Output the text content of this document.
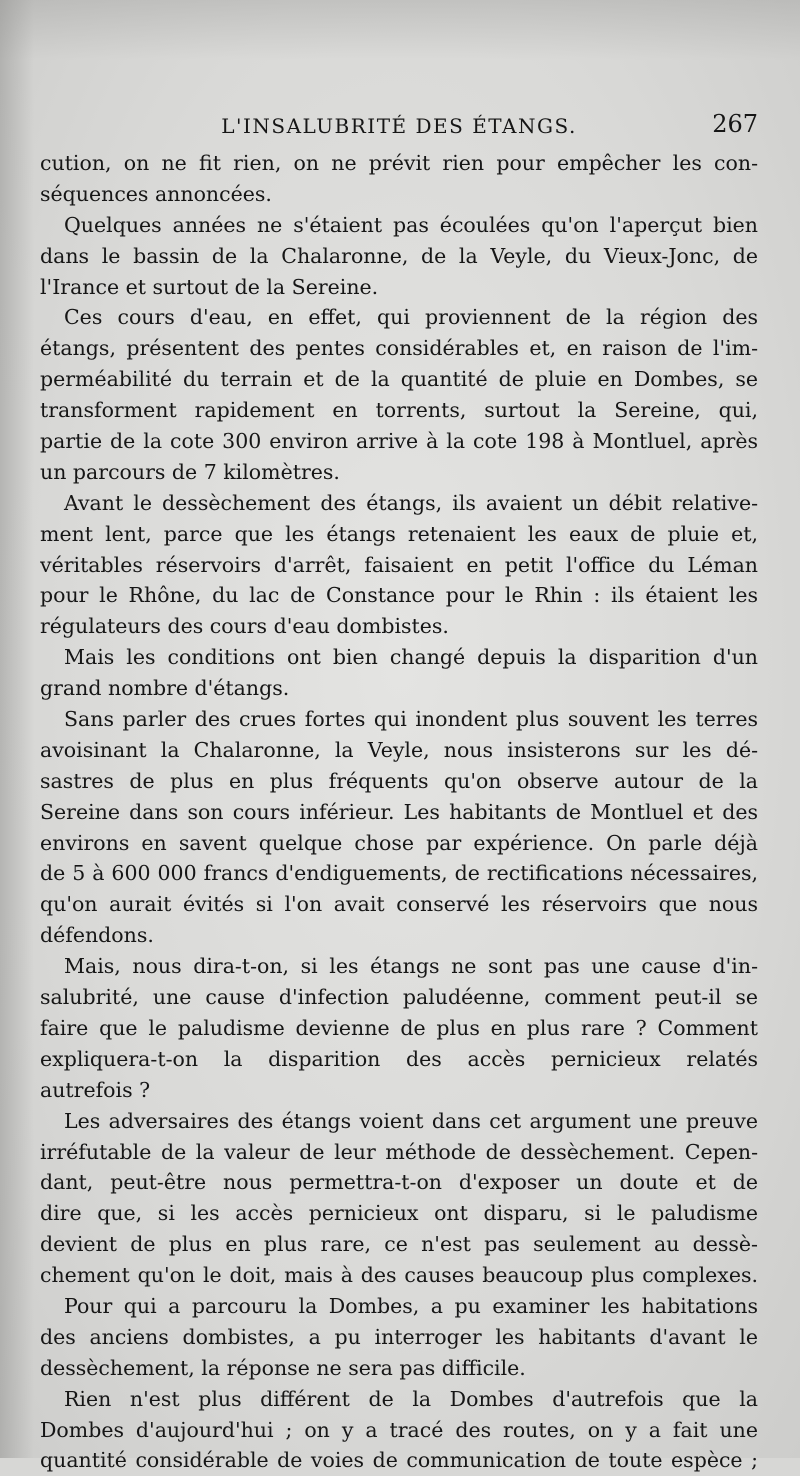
L'INSALUBRITÉ DES ÉTANGS.	267
cution, on ne fit rien, on ne prévit rien pour empêcher les con-
séquences annoncées.
Quelques années ne s'étaient pas écoulées qu'on l'aperçut bien
dans le bassin de la Chalaronne, de la Veyle, du Vieux-Jonc, de
l'Irance et surtout de la Sereine.
Ces cours d'eau, en effet, qui proviennent de la région des
étangs, présentent des pentes considérables et, en raison de l'im-
perméabilité du terrain et de la quantité de pluie en Dombes, se
transforment rapidement en torrents, surtout la Sereine, qui,
partie de la cote 300 environ arrive à la cote 198 à Montluel, après
un parcours de 7 kilomètres.
Avant le dessèchement des étangs, ils avaient un débit relative-
ment lent, parce que les étangs retenaient les eaux de pluie et,
véritables réservoirs d'arrêt, faisaient en petit l'office du Léman
pour le Rhône, du lac de Constance pour le Rhin : ils étaient les
régulateurs des cours d'eau dombistes.
Mais les conditions ont bien changé depuis la disparition d'un
grand nombre d'étangs.
Sans parler des crues fortes qui inondent plus souvent les terres
avoisinant la Chalaronne, la Veyle, nous insisterons sur les dé-
sastres de plus en plus fréquents qu'on observe autour de la
Sereine dans son cours inférieur. Les habitants de Montluel et des
environs en savent quelque chose par expérience. On parle déjà
de 5 à 600 000 francs d'endiguements, de rectifications nécessaires,
qu'on aurait évités si l'on avait conservé les réservoirs que nous
défendons.
Mais, nous dira-t-on, si les étangs ne sont pas une cause d'in-
salubrité, une cause d'infection paludéenne, comment peut-il se
faire que le paludisme devienne de plus en plus rare ? Comment
expliquera-t-on la disparition des accès pernicieux relatés
autrefois ?
Les adversaires des étangs voient dans cet argument une preuve
irréfutable de la valeur de leur méthode de dessèchement. Cepen-
dant, peut-être nous permettra-t-on d'exposer un doute et de
dire que, si les accès pernicieux ont disparu, si le paludisme
devient de plus en plus rare, ce n'est pas seulement au dessè-
chement qu'on le doit, mais à des causes beaucoup plus complexes.
Pour qui a parcouru la Dombes, a pu examiner les habitations
des anciens dombistes, a pu interroger les habitants d'avant le
dessèchement, la réponse ne sera pas difficile.
Rien n'est plus différent de la Dombes d'autrefois que la
Dombes d'aujourd'hui ; on y a tracé des routes, on y a fait une
quantité considérable de voies de communication de toute espèce ;
